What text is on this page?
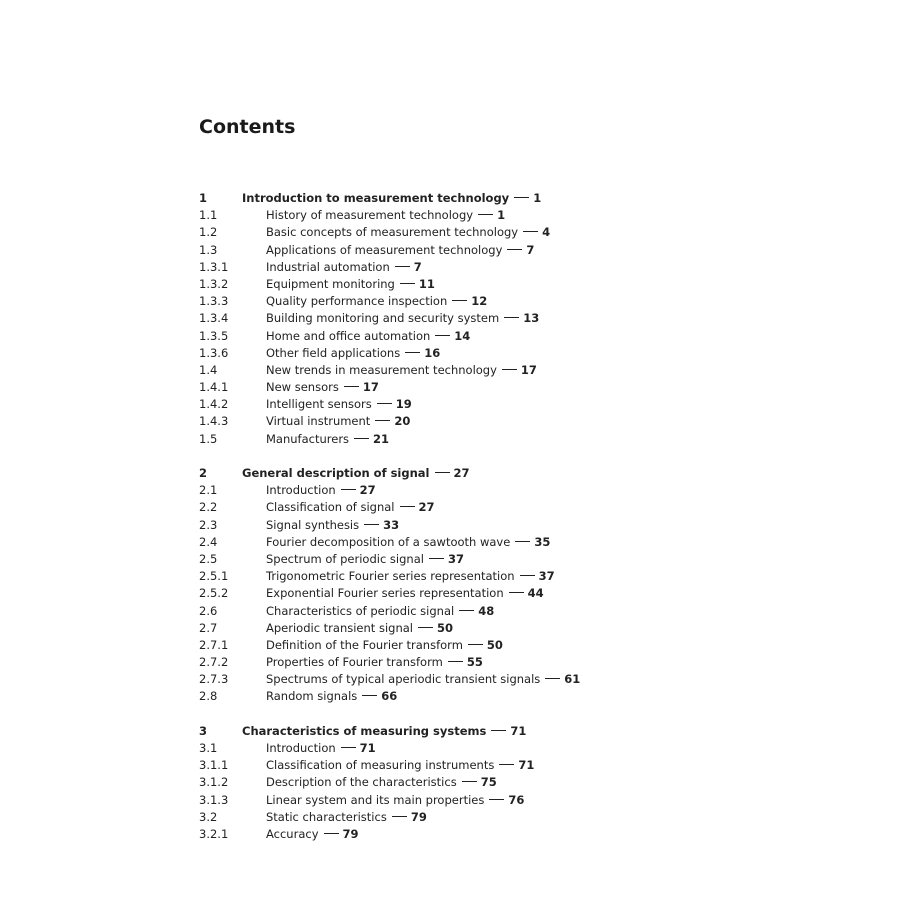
Contents
1	Introduction to measurement technology 1
1.1	History of measurement technology 1
1.2	Basic concepts of measurement technology 4
1.3	Applications of measurement technology 7
1.3.1	Industrial automation 7
1.3.2	Equipment monitoring 11
1.3.3	Quality performance inspection 12
1.3.4	Building monitoring and security system 13
1.3.5	Home and office automation 14
1.3.6	Other field applications 16
1.4	New trends in measurement technology 17
1.4.1	New sensors 17
1.4.2	Intelligent sensors 19
1.4.3	Virtual instrument 20
1.5	Manufacturers 21
2	General description of signal 27
2.1	Introduction 27
2.2	Classification of signal 27
2.3	Signal synthesis 33
2.4	Fourier decomposition of a sawtooth wave 35
2.5	Spectrum of periodic signal 37
2.5.1	Trigonometric Fourier series representation 37
2.5.2	Exponential Fourier series representation 44
2.6	Characteristics of periodic signal 48
2.7	Aperiodic transient signal 50
2.7.1	Definition of the Fourier transform 50
2.7.2	Properties of Fourier transform 55
2.7.3	Spectrums of typical aperiodic transient signals 61
2.8	Random signals 66
3	Characteristics of measuring systems 71
3.1	Introduction 71
3.1.1	Classification of measuring instruments 71
3.1.2	Description of the characteristics 75
3.1.3	Linear system and its main properties 76
3.2	Static characteristics 79
3.2.1	Accuracy 79
